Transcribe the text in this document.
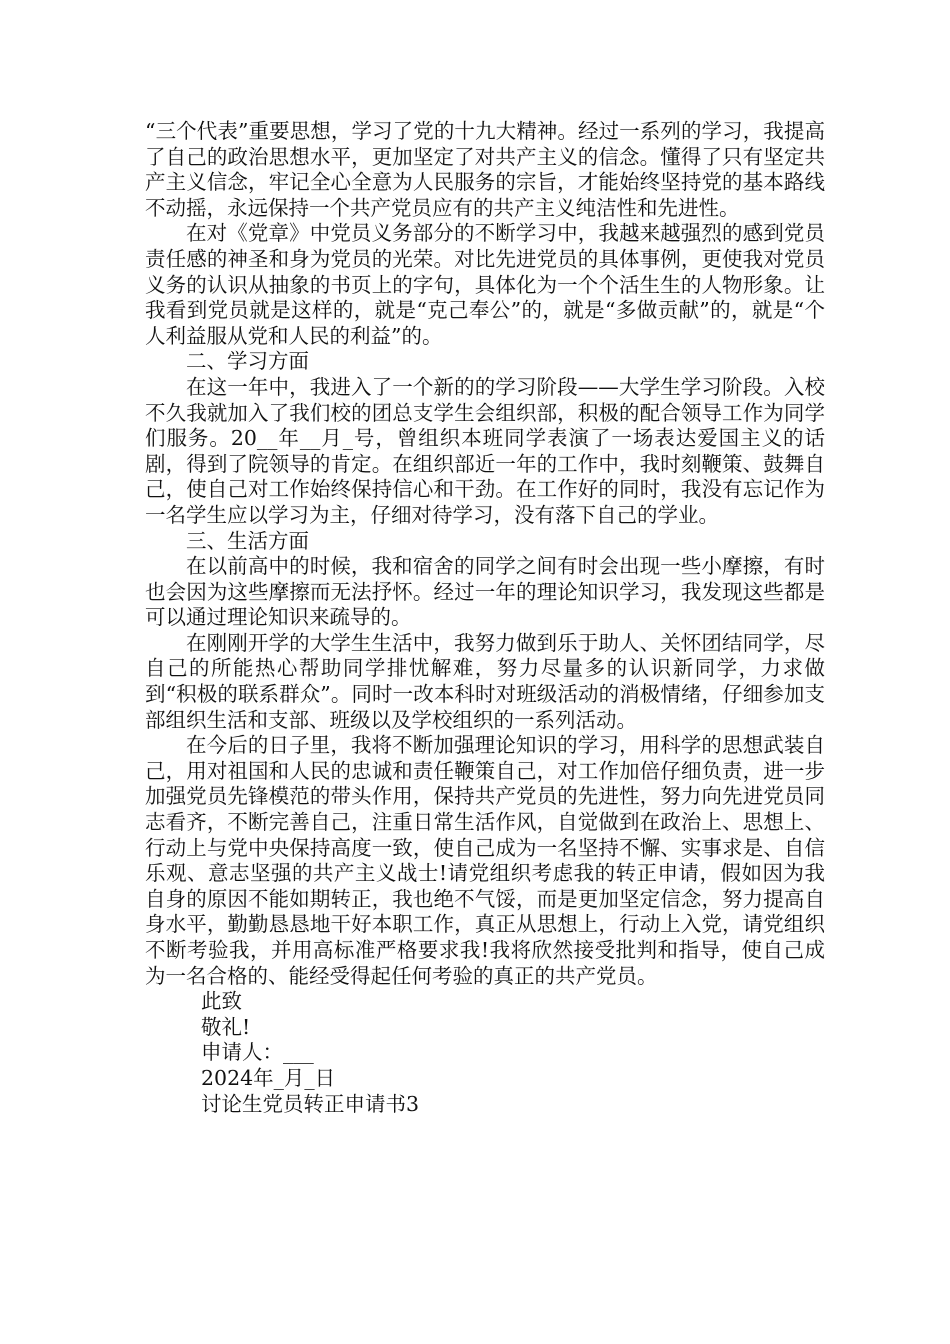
“三个代表”重要思想，学习了党的十九大精神。经过一系列的学习，我提高了自己的政治思想水平，更加坚定了对共产主义的信念。懂得了只有坚定共产主义信念，牢记全心全意为人民服务的宗旨，才能始终坚持党的基本路线不动摇，永远保持一个共产党员应有的共产主义纯洁性和先进性。

在对《党章》中党员义务部分的不断学习中，我越来越强烈的感到党员责任感的神圣和身为党员的光荣。对比先进党员的具体事例，更使我对党员义务的认识从抽象的书页上的字句，具体化为一个个活生生的人物形象。让我看到党员就是这样的，就是“克己奉公”的，就是“多做贡献”的，就是“个人利益服从党和人民的利益”的。

二、学习方面

在这一年中，我进入了一个新的的学习阶段——大学生学习阶段。入校不久我就加入了我们校的团总支学生会组织部，积极的配合领导工作为同学们服务。20__年__月_号，曾组织本班同学表演了一场表达爱国主义的话剧，得到了院领导的肯定。在组织部近一年的工作中，我时刻鞭策、鼓舞自己，使自己对工作始终保持信心和干劲。在工作好的同时，我没有忘记作为一名学生应以学习为主，仔细对待学习，没有落下自己的学业。

三、生活方面

在以前高中的时候，我和宿舍的同学之间有时会出现一些小摩擦，有时也会因为这些摩擦而无法抒怀。经过一年的理论知识学习，我发现这些都是可以通过理论知识来疏导的。

在刚刚开学的大学生生活中，我努力做到乐于助人、关怀团结同学，尽自己的所能热心帮助同学排忧解难，努力尽量多的认识新同学，力求做到“积极的联系群众”。同时一改本科时对班级活动的消极情绪，仔细参加支部组织生活和支部、班级以及学校组织的一系列活动。

在今后的日子里，我将不断加强理论知识的学习，用科学的思想武装自己，用对祖国和人民的忠诚和责任鞭策自己，对工作加倍仔细负责，进一步加强党员先锋模范的带头作用，保持共产党员的先进性，努力向先进党员同志看齐，不断完善自己，注重日常生活作风，自觉做到在政治上、思想上、行动上与党中央保持高度一致，使自己成为一名坚持不懈、实事求是、自信乐观、意志坚强的共产主义战士!请党组织考虑我的转正申请，假如因为我自身的原因不能如期转正，我也绝不气馁，而是更加坚定信念，努力提高自身水平，勤勤恳恳地干好本职工作，真正从思想上，行动上入党，请党组织不断考验我，并用高标准严格要求我!我将欣然接受批判和指导，使自己成为一名合格的、能经受得起任何考验的真正的共产党员。

此致

敬礼!

申请人：___

2024年_月_日

讨论生党员转正申请书3
